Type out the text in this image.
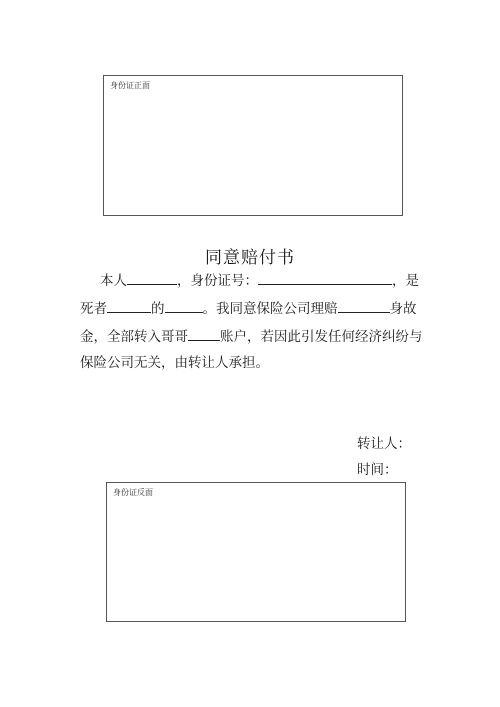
身份证正面
同意赔付书
本人	，身份证号：	，是
死者	的	。我同意保险公司理赔	身故
金，全部转入哥哥 账户，若因此引发任何经济纠纷与
保险公司无关，由转让人承担。
转让人：
时间：
身份证反面
